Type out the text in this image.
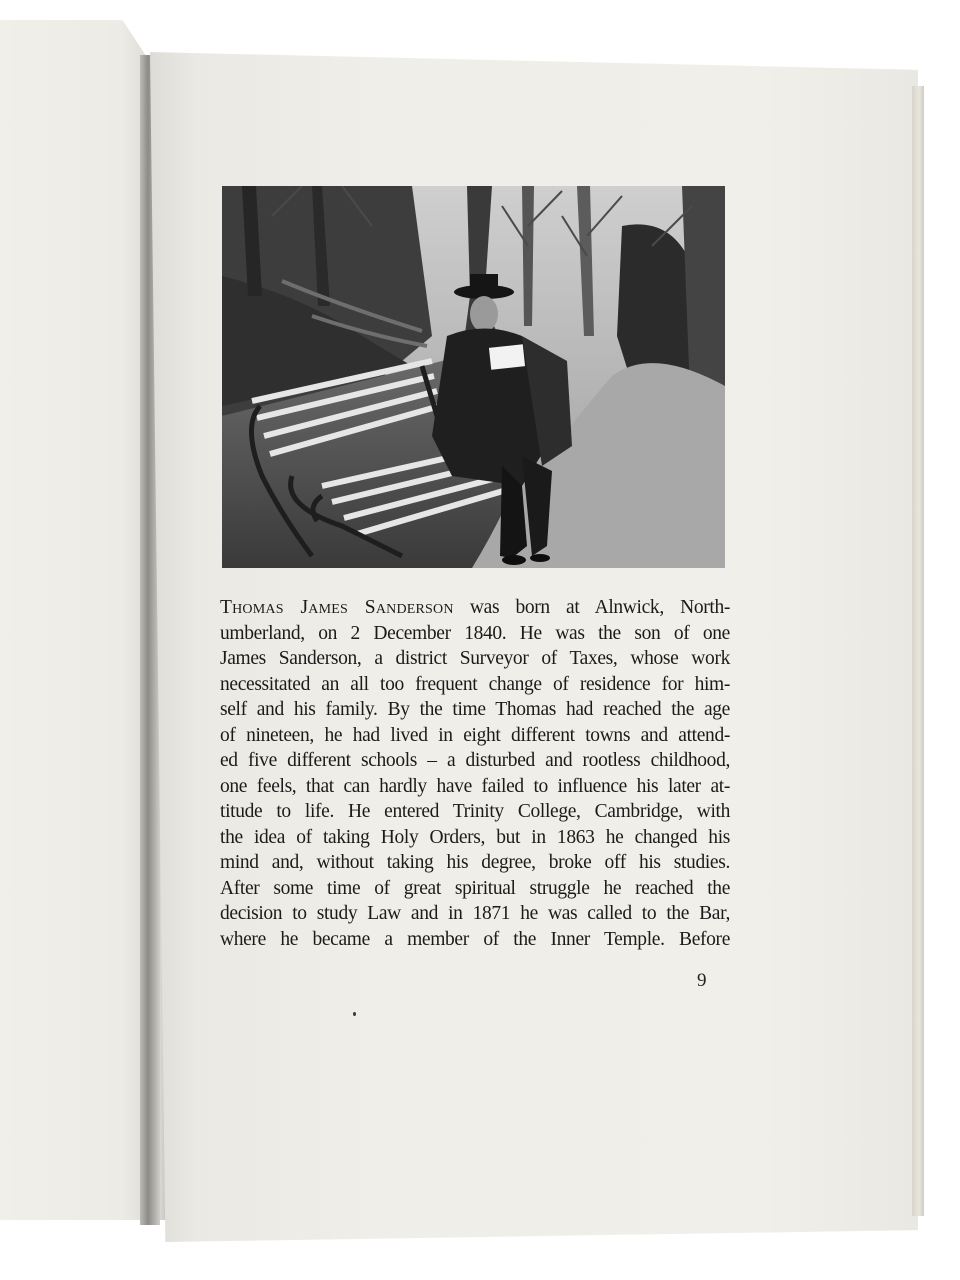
Thomas James Sanderson was born at Alnwick, North-
umberland, on 2 December 1840. He was the son of one
James Sanderson, a district Surveyor of Taxes, whose work
necessitated an all too frequent change of residence for him-
self and his family. By the time Thomas had reached the age
of nineteen, he had lived in eight different towns and attend-
ed five different schools – a disturbed and rootless childhood,
one feels, that can hardly have failed to influence his later at-
titude to life. He entered Trinity College, Cambridge, with
the idea of taking Holy Orders, but in 1863 he changed his
mind and, without taking his degree, broke off his studies.
After some time of great spiritual struggle he reached the
decision to study Law and in 1871 he was called to the Bar,
where he became a member of the Inner Temple. Before
9
